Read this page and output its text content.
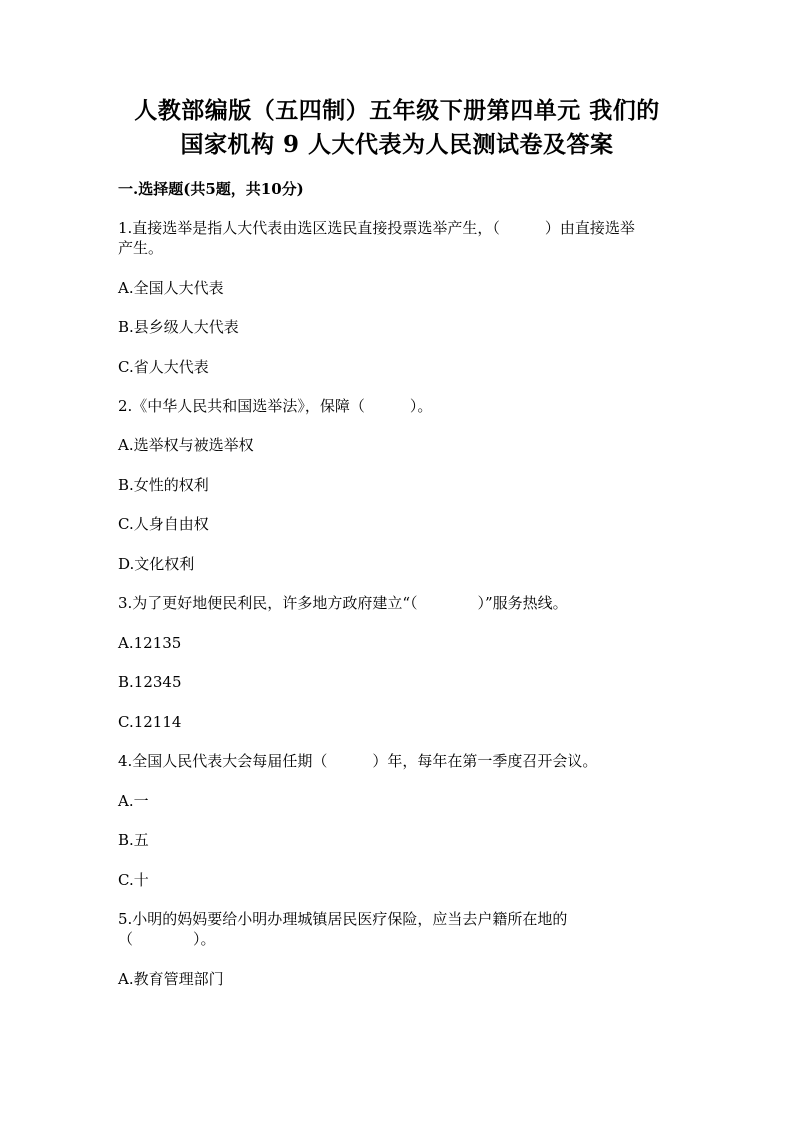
人教部编版（五四制）五年级下册第四单元 我们的
国家机构 9 人大代表为人民测试卷及答案
一.选择题(共5题，共10分)
1.直接选举是指人大代表由选区选民直接投票选举产生，（　　　）由直接选举
产生。
A.全国人大代表
B.县乡级人大代表
C.省人大代表
2.《中华人民共和国选举法》，保障（　　　）。
A.选举权与被选举权
B.女性的权利
C.人身自由权
D.文化权利
3.为了更好地便民利民，许多地方政府建立“（　　　　）”服务热线。
A.12135
B.12345
C.12114
4.全国人民代表大会每届任期（　　　）年，每年在第一季度召开会议。
A.一
B.五
C.十
5.小明的妈妈要给小明办理城镇居民医疗保险，应当去户籍所在地的
（　　　　）。
A.教育管理部门
